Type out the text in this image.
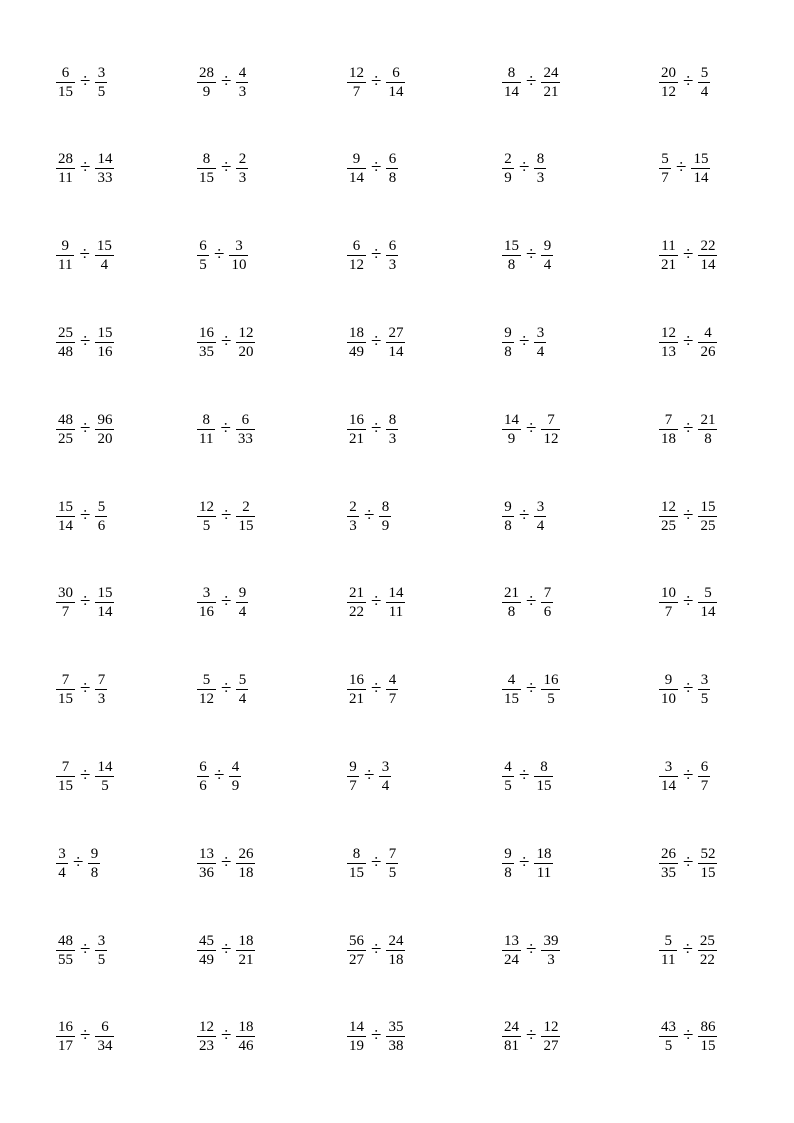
$\frac{6}{15} \div \frac{3}{5}$	$\frac{28}{9} \div \frac{4}{3}$	$\frac{12}{7} \div \frac{6}{14}$	$\frac{8}{14} \div \frac{24}{21}$	$\frac{20}{12} \div \frac{5}{4}$
$\frac{28}{11} \div \frac{14}{33}$	$\frac{8}{15} \div \frac{2}{3}$	$\frac{9}{14} \div \frac{6}{8}$	$\frac{2}{9} \div \frac{8}{3}$	$\frac{5}{7} \div \frac{15}{14}$
$\frac{9}{11} \div \frac{15}{4}$	$\frac{6}{5} \div \frac{3}{10}$	$\frac{6}{12} \div \frac{6}{3}$	$\frac{15}{8} \div \frac{9}{4}$	$\frac{11}{21} \div \frac{22}{14}$
$\frac{25}{48} \div \frac{15}{16}$	$\frac{16}{35} \div \frac{12}{20}$	$\frac{18}{49} \div \frac{27}{14}$	$\frac{9}{8} \div \frac{3}{4}$	$\frac{12}{13} \div \frac{4}{26}$
$\frac{48}{25} \div \frac{96}{20}$	$\frac{8}{11} \div \frac{6}{33}$	$\frac{16}{21} \div \frac{8}{3}$	$\frac{14}{9} \div \frac{7}{12}$	$\frac{7}{18} \div \frac{21}{8}$
$\frac{15}{14} \div \frac{5}{6}$	$\frac{12}{5} \div \frac{2}{15}$	$\frac{2}{3} \div \frac{8}{9}$	$\frac{9}{8} \div \frac{3}{4}$	$\frac{12}{25} \div \frac{15}{25}$
$\frac{30}{7} \div \frac{15}{14}$	$\frac{3}{16} \div \frac{9}{4}$	$\frac{21}{22} \div \frac{14}{11}$	$\frac{21}{8} \div \frac{7}{6}$	$\frac{10}{7} \div \frac{5}{14}$
$\frac{7}{15} \div \frac{7}{3}$	$\frac{5}{12} \div \frac{5}{4}$	$\frac{16}{21} \div \frac{4}{7}$	$\frac{4}{15} \div \frac{16}{5}$	$\frac{9}{10} \div \frac{3}{5}$
$\frac{7}{15} \div \frac{14}{5}$	$\frac{6}{6} \div \frac{4}{9}$	$\frac{9}{7} \div \frac{3}{4}$	$\frac{4}{5} \div \frac{8}{15}$	$\frac{3}{14} \div \frac{6}{7}$
$\frac{3}{4} \div \frac{9}{8}$	$\frac{13}{36} \div \frac{26}{18}$	$\frac{8}{15} \div \frac{7}{5}$	$\frac{9}{8} \div \frac{18}{11}$	$\frac{26}{35} \div \frac{52}{15}$
$\frac{48}{55} \div \frac{3}{5}$	$\frac{45}{49} \div \frac{18}{21}$	$\frac{56}{27} \div \frac{24}{18}$	$\frac{13}{24} \div \frac{39}{3}$	$\frac{5}{11} \div \frac{25}{22}$
$\frac{16}{17} \div \frac{6}{34}$	$\frac{12}{23} \div \frac{18}{46}$	$\frac{14}{19} \div \frac{35}{38}$	$\frac{24}{81} \div \frac{12}{27}$	$\frac{43}{5} \div \frac{86}{15}$
